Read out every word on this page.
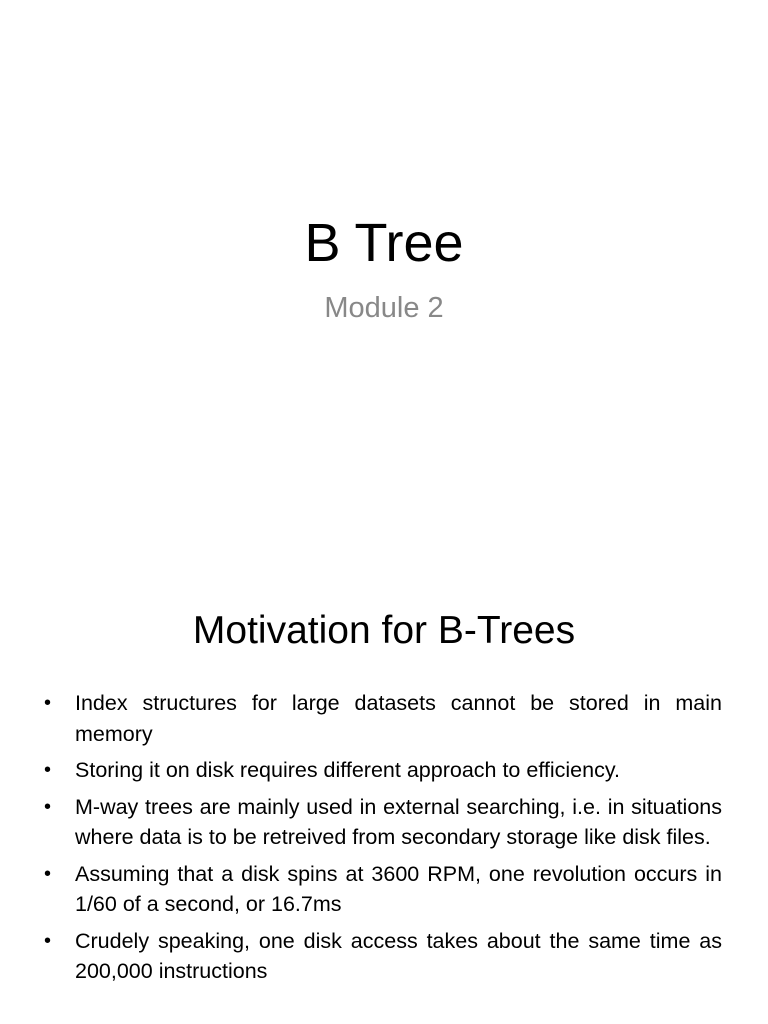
B Tree

Module 2

Motivation for B-Trees
•	Index structures for large datasets cannot be stored in main memory
•	Storing it on disk requires different approach to efficiency.
•	M-way trees are mainly used in external searching, i.e. in situations where data is to be retreived from secondary storage like disk files.
•	Assuming that a disk spins at 3600 RPM, one revolution occurs in 1/60 of a second, or 16.7ms
•	Crudely speaking, one disk access takes about the same time as 200,000 instructions
